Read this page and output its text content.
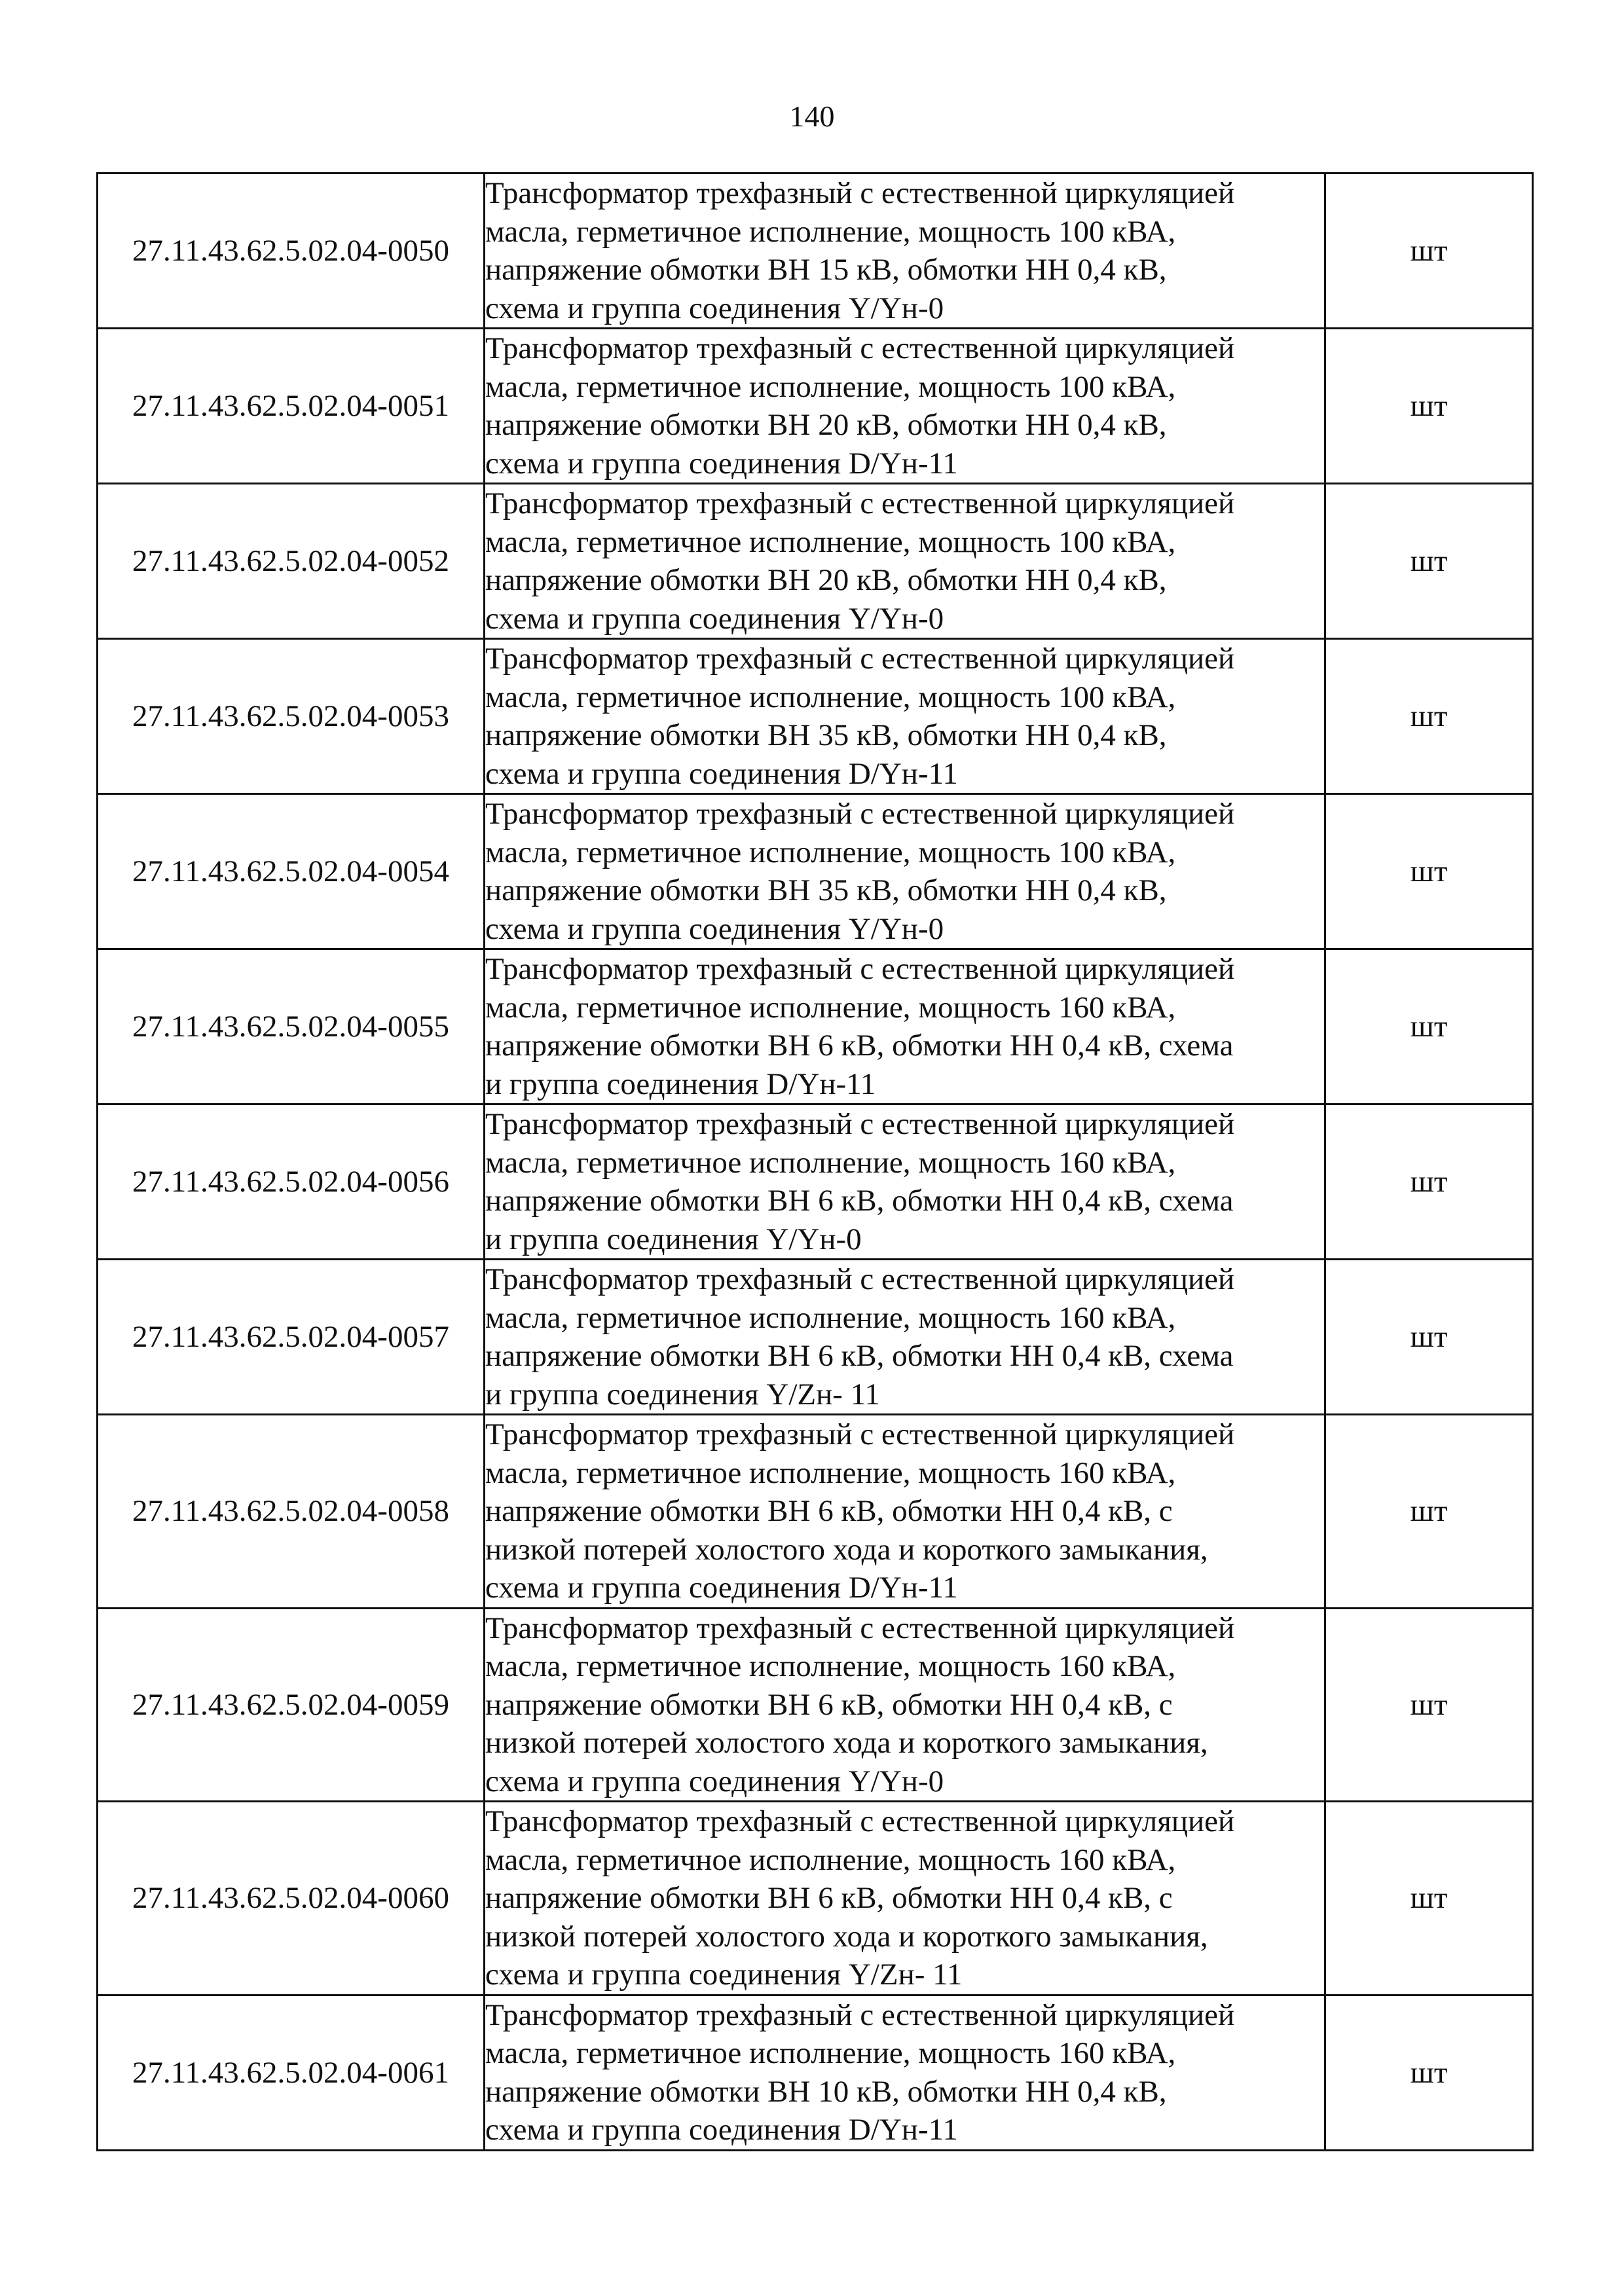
140
27.11.43.62.5.02.04-0050	Трансформатор трехфазный с естественной циркуляцией
масла, герметичное исполнение, мощность 100 кВА,
напряжение обмотки ВН 15 кВ, обмотки НН 0,4 кВ,
схема и группа соединения Y/Yн-0	шт
27.11.43.62.5.02.04-0051	Трансформатор трехфазный с естественной циркуляцией
масла, герметичное исполнение, мощность 100 кВА,
напряжение обмотки ВН 20 кВ, обмотки НН 0,4 кВ,
схема и группа соединения D/Yн-11	шт
27.11.43.62.5.02.04-0052	Трансформатор трехфазный с естественной циркуляцией
масла, герметичное исполнение, мощность 100 кВА,
напряжение обмотки ВН 20 кВ, обмотки НН 0,4 кВ,
схема и группа соединения Y/Yн-0	шт
27.11.43.62.5.02.04-0053	Трансформатор трехфазный с естественной циркуляцией
масла, герметичное исполнение, мощность 100 кВА,
напряжение обмотки ВН 35 кВ, обмотки НН 0,4 кВ,
схема и группа соединения D/Yн-11	шт
27.11.43.62.5.02.04-0054	Трансформатор трехфазный с естественной циркуляцией
масла, герметичное исполнение, мощность 100 кВА,
напряжение обмотки ВН 35 кВ, обмотки НН 0,4 кВ,
схема и группа соединения Y/Yн-0	шт
27.11.43.62.5.02.04-0055	Трансформатор трехфазный с естественной циркуляцией
масла, герметичное исполнение, мощность 160 кВА,
напряжение обмотки ВН 6 кВ, обмотки НН 0,4 кВ, схема
и группа соединения D/Yн-11	шт
27.11.43.62.5.02.04-0056	Трансформатор трехфазный с естественной циркуляцией
масла, герметичное исполнение, мощность 160 кВА,
напряжение обмотки ВН 6 кВ, обмотки НН 0,4 кВ, схема
и группа соединения Y/Yн-0	шт
27.11.43.62.5.02.04-0057	Трансформатор трехфазный с естественной циркуляцией
масла, герметичное исполнение, мощность 160 кВА,
напряжение обмотки ВН 6 кВ, обмотки НН 0,4 кВ, схема
и группа соединения Y/Zн- 11	шт
27.11.43.62.5.02.04-0058	Трансформатор трехфазный с естественной циркуляцией
масла, герметичное исполнение, мощность 160 кВА,
напряжение обмотки ВН 6 кВ, обмотки НН 0,4 кВ, с
низкой потерей холостого хода и короткого замыкания,
схема и группа соединения D/Yн-11	шт
27.11.43.62.5.02.04-0059	Трансформатор трехфазный с естественной циркуляцией
масла, герметичное исполнение, мощность 160 кВА,
напряжение обмотки ВН 6 кВ, обмотки НН 0,4 кВ, с
низкой потерей холостого хода и короткого замыкания,
схема и группа соединения Y/Yн-0	шт
27.11.43.62.5.02.04-0060	Трансформатор трехфазный с естественной циркуляцией
масла, герметичное исполнение, мощность 160 кВА,
напряжение обмотки ВН 6 кВ, обмотки НН 0,4 кВ, с
низкой потерей холостого хода и короткого замыкания,
схема и группа соединения Y/Zн- 11	шт
27.11.43.62.5.02.04-0061	Трансформатор трехфазный с естественной циркуляцией
масла, герметичное исполнение, мощность 160 кВА,
напряжение обмотки ВН 10 кВ, обмотки НН 0,4 кВ,
схема и группа соединения D/Yн-11	шт
